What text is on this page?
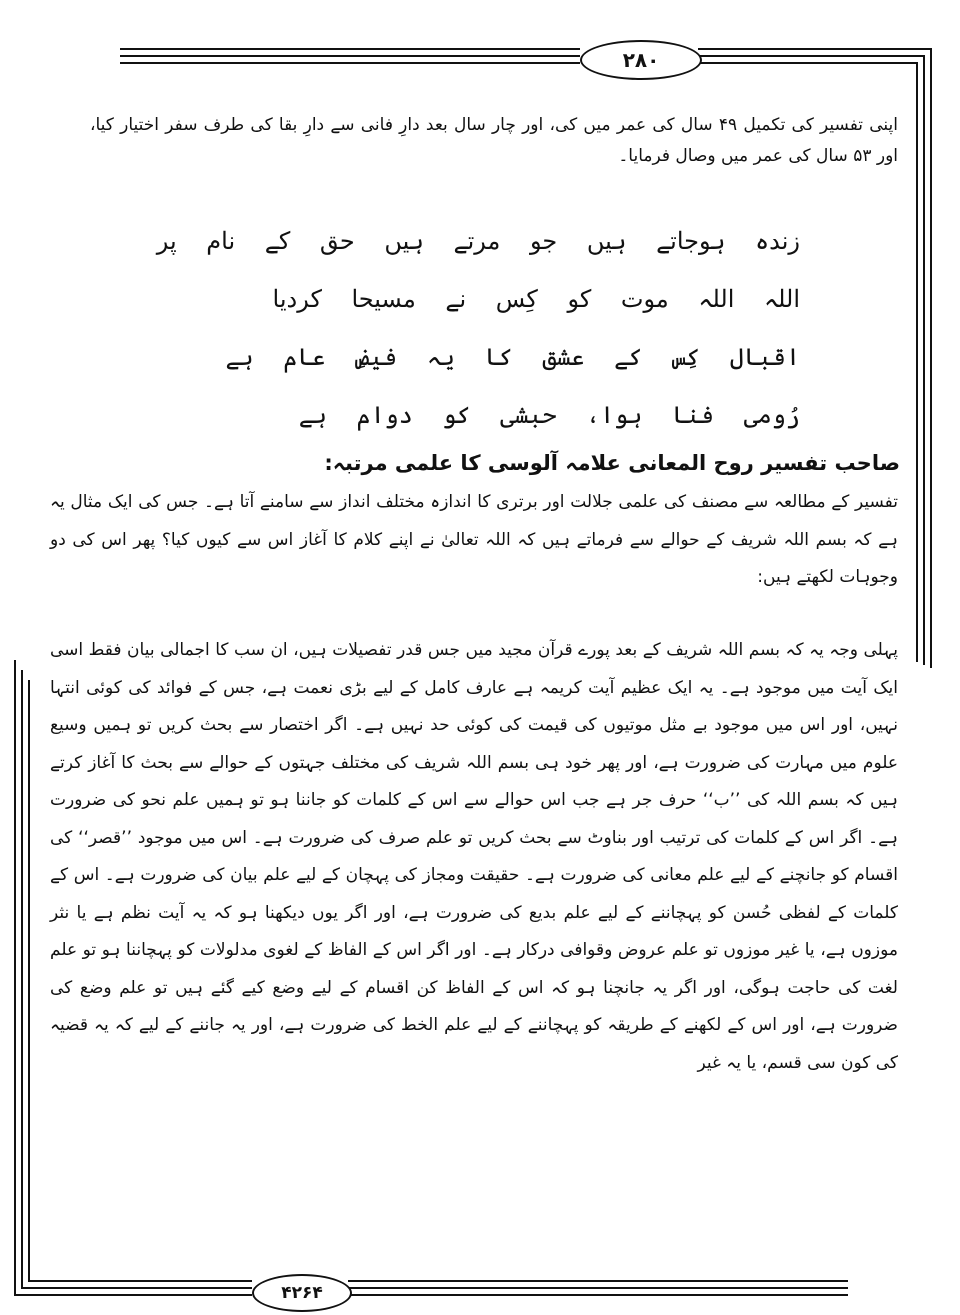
۲۸۰
۴۲۶۴

اپنی تفسیر کی تکمیل ۴۹ سال کی عمر میں کی، اور چار سال بعد دارِ فانی سے دارِ بقا کی طرف سفر اختیار کیا، اور ۵۳ سال کی عمر میں وصال فرمایا۔

زندہ ہوجاتے ہیں جو مرتے ہیں حق کے نام پر
اللہ اللہ موت کو کِس نے مسیحا کردیا
اقبال کِس کے عشق کا یہ فیضِ عام ہے
رُومی فنا ہوا، حبشی کو دوام ہے
صاحب تفسیر روح المعانی علامہ آلوسی کا علمی مرتبہ:

تفسیر کے مطالعہ سے مصنف کی علمی جلالت اور برتری کا اندازہ مختلف انداز سے سامنے آتا ہے۔ جس کی ایک مثال یہ ہے کہ بسم اللہ شریف کے حوالے سے فرماتے ہیں کہ اللہ تعالیٰ نے اپنے کلام کا آغاز اس سے کیوں کیا؟ پھر اس کی دو وجوہات لکھتے ہیں:

پہلی وجہ یہ کہ بسم اللہ شریف کے بعد پورے قرآن مجید میں جس قدر تفصیلات ہیں، ان سب کا اجمالی بیان فقط اسی ایک آیت میں موجود ہے۔ یہ ایک عظیم آیت کریمہ ہے عارف کامل کے لیے بڑی نعمت ہے، جس کے فوائد کی کوئی انتہا نہیں، اور اس میں موجود بے مثل موتیوں کی قیمت کی کوئی حد نہیں ہے۔ اگر اختصار سے بحث کریں تو ہمیں وسیع علوم میں مہارت کی ضرورت ہے، اور پھر خود ہی بسم اللہ شریف کی مختلف جہتوں کے حوالے سے بحث کا آغاز کرتے ہیں کہ بسم اللہ کی ’’ب‘‘ حرف جر ہے جب اس حوالے سے اس کے کلمات کو جاننا ہو تو ہمیں علم نحو کی ضرورت ہے۔ اگر اس کے کلمات کی ترتیب اور بناوٹ سے بحث کریں تو علم صرف کی ضرورت ہے۔ اس میں موجود ’’قصر‘‘ کی اقسام کو جانچنے کے لیے علم معانی کی ضرورت ہے۔ حقیقت ومجاز کی پہچان کے لیے علم بیان کی ضرورت ہے۔ اس کے کلمات کے لفظی حُسن کو پہچاننے کے لیے علم بدیع کی ضرورت ہے، اور اگر یوں دیکھنا ہو کہ یہ آیت نظم ہے یا نثر موزوں ہے، یا غیر موزوں تو علم عروض وقوافی درکار ہے۔ اور اگر اس کے الفاظ کے لغوی مدلولات کو پہچاننا ہو تو علم لغت کی حاجت ہوگی، اور اگر یہ جانچنا ہو کہ اس کے الفاظ کن اقسام کے لیے وضع کیے گئے ہیں تو علم وضع کی ضرورت ہے، اور اس کے لکھنے کے طریقہ کو پہچاننے کے لیے علم الخط کی ضرورت ہے، اور یہ جاننے کے لیے کہ یہ قضیہ کی کون سی قسم، یا یہ غیر
